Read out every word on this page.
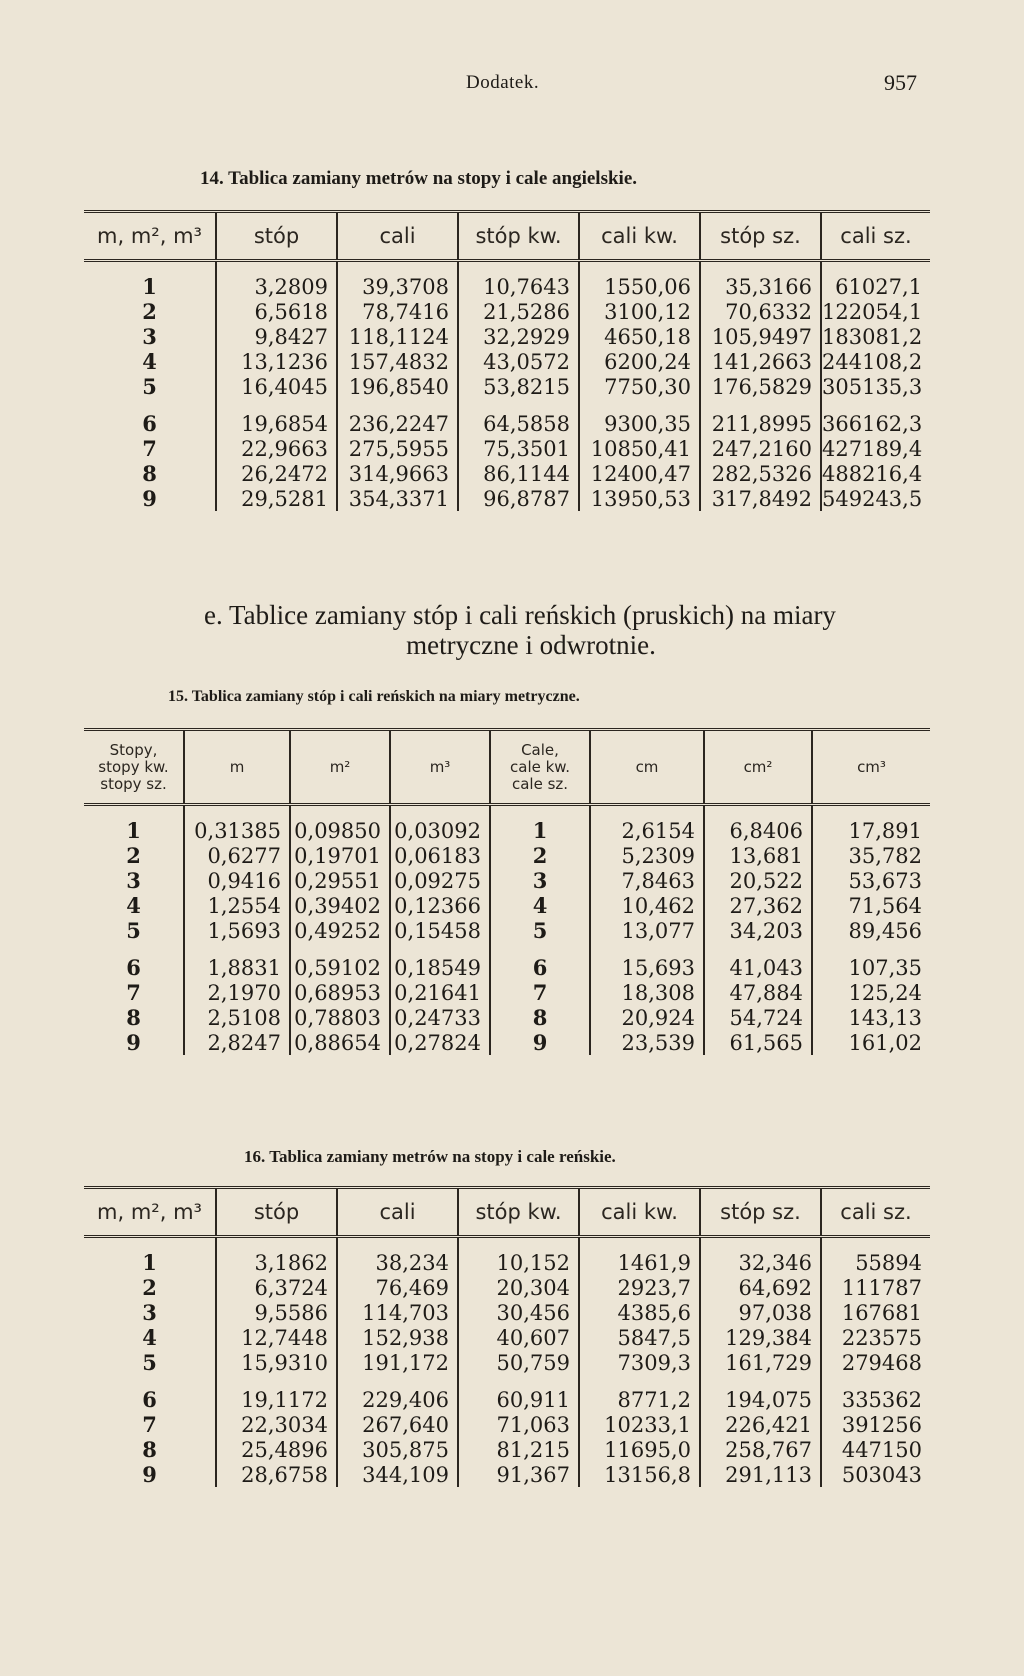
Dodatek.	957
14. Tablica zamiany metrów na stopy i cale angielskie.
m, m², m³	stóp	cali	stóp kw.	cali kw.	stóp sz.	cali sz.
1	3,2809	39,3708	10,7643	1550,06	35,3166	61027,1
2	6,5618	78,7416	21,5286	3100,12	70,6332	122054,1
3	9,8427	118,1124	32,2929	4650,18	105,9497	183081,2
4	13,1236	157,4832	43,0572	6200,24	141,2663	244108,2
5	16,4045	196,8540	53,8215	7750,30	176,5829	305135,3

6	19,6854	236,2247	64,5858	9300,35	211,8995	366162,3
7	22,9663	275,5955	75,3501	10850,41	247,2160	427189,4
8	26,2472	314,9663	86,1144	12400,47	282,5326	488216,4
9	29,5281	354,3371	96,8787	13950,53	317,8492	549243,5
e. Tablice zamiany stóp i cali reńskich (pruskich) na miary
metryczne i odwrotnie.
15. Tablica zamiany stóp i cali reńskich na miary metryczne.
Stopy,
stopy kw.
stopy sz.	m	m²	m³	Cale,
cale kw.
cale sz.	cm	cm²	cm³
1	0,31385	0,09850	0,03092	1	2,6154	6,8406	17,891
2	0,6277	0,19701	0,06183	2	5,2309	13,681	35,782
3	0,9416	0,29551	0,09275	3	7,8463	20,522	53,673
4	1,2554	0,39402	0,12366	4	10,462	27,362	71,564
5	1,5693	0,49252	0,15458	5	13,077	34,203	89,456

6	1,8831	0,59102	0,18549	6	15,693	41,043	107,35
7	2,1970	0,68953	0,21641	7	18,308	47,884	125,24
8	2,5108	0,78803	0,24733	8	20,924	54,724	143,13
9	2,8247	0,88654	0,27824	9	23,539	61,565	161,02
16. Tablica zamiany metrów na stopy i cale reńskie.
m, m², m³	stóp	cali	stóp kw.	cali kw.	stóp sz.	cali sz.
1	3,1862	38,234	10,152	1461,9	32,346	55894
2	6,3724	76,469	20,304	2923,7	64,692	111787
3	9,5586	114,703	30,456	4385,6	97,038	167681
4	12,7448	152,938	40,607	5847,5	129,384	223575
5	15,9310	191,172	50,759	7309,3	161,729	279468

6	19,1172	229,406	60,911	8771,2	194,075	335362
7	22,3034	267,640	71,063	10233,1	226,421	391256
8	25,4896	305,875	81,215	11695,0	258,767	447150
9	28,6758	344,109	91,367	13156,8	291,113	503043
